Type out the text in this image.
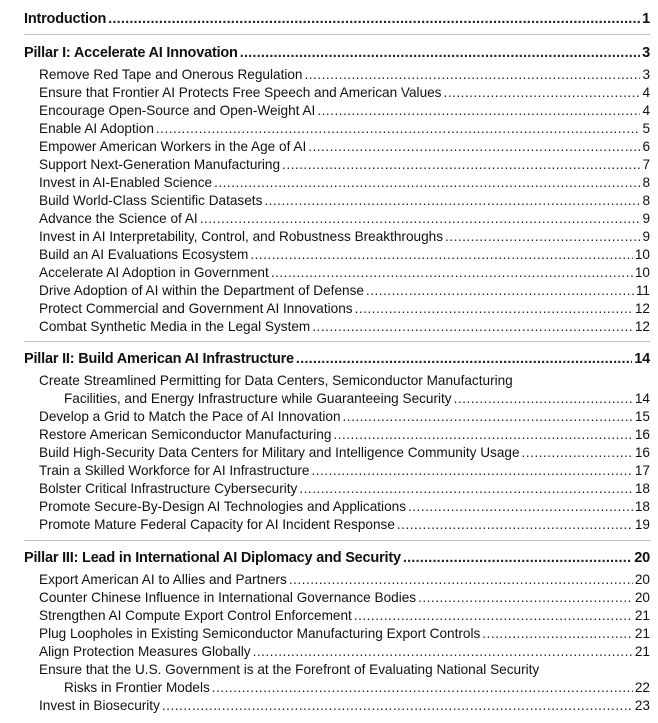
Introduction .....	1
Pillar I: Accelerate AI Innovation .....	3
Remove Red Tape and Onerous Regulation .....	3
Ensure that Frontier AI Protects Free Speech and American Values .....	4
Encourage Open-Source and Open-Weight AI .....	4
Enable AI Adoption .....	5
Empower American Workers in the Age of AI .....	6
Support Next-Generation Manufacturing .....	7
Invest in AI-Enabled Science .....	8
Build World-Class Scientific Datasets .....	8
Advance the Science of AI .....	9
Invest in AI Interpretability, Control, and Robustness Breakthroughs .....	9
Build an AI Evaluations Ecosystem .....	10
Accelerate AI Adoption in Government .....	10
Drive Adoption of AI within the Department of Defense .....	11
Protect Commercial and Government AI Innovations .....	12
Combat Synthetic Media in the Legal System .....	12
Pillar II: Build American AI Infrastructure .....	14
Create Streamlined Permitting for Data Centers, Semiconductor Manufacturing
Facilities, and Energy Infrastructure while Guaranteeing Security .....	14
Develop a Grid to Match the Pace of AI Innovation .....	15
Restore American Semiconductor Manufacturing .....	16
Build High-Security Data Centers for Military and Intelligence Community Usage .....	16
Train a Skilled Workforce for AI Infrastructure .....	17
Bolster Critical Infrastructure Cybersecurity .....	18
Promote Secure-By-Design AI Technologies and Applications .....	18
Promote Mature Federal Capacity for AI Incident Response .....	19
Pillar III: Lead in International AI Diplomacy and Security .....	20
Export American AI to Allies and Partners .....	20
Counter Chinese Influence in International Governance Bodies .....	20
Strengthen AI Compute Export Control Enforcement .....	21
Plug Loopholes in Existing Semiconductor Manufacturing Export Controls .....	21
Align Protection Measures Globally .....	21
Ensure that the U.S. Government is at the Forefront of Evaluating National Security
Risks in Frontier Models .....	22
Invest in Biosecurity .....	23
